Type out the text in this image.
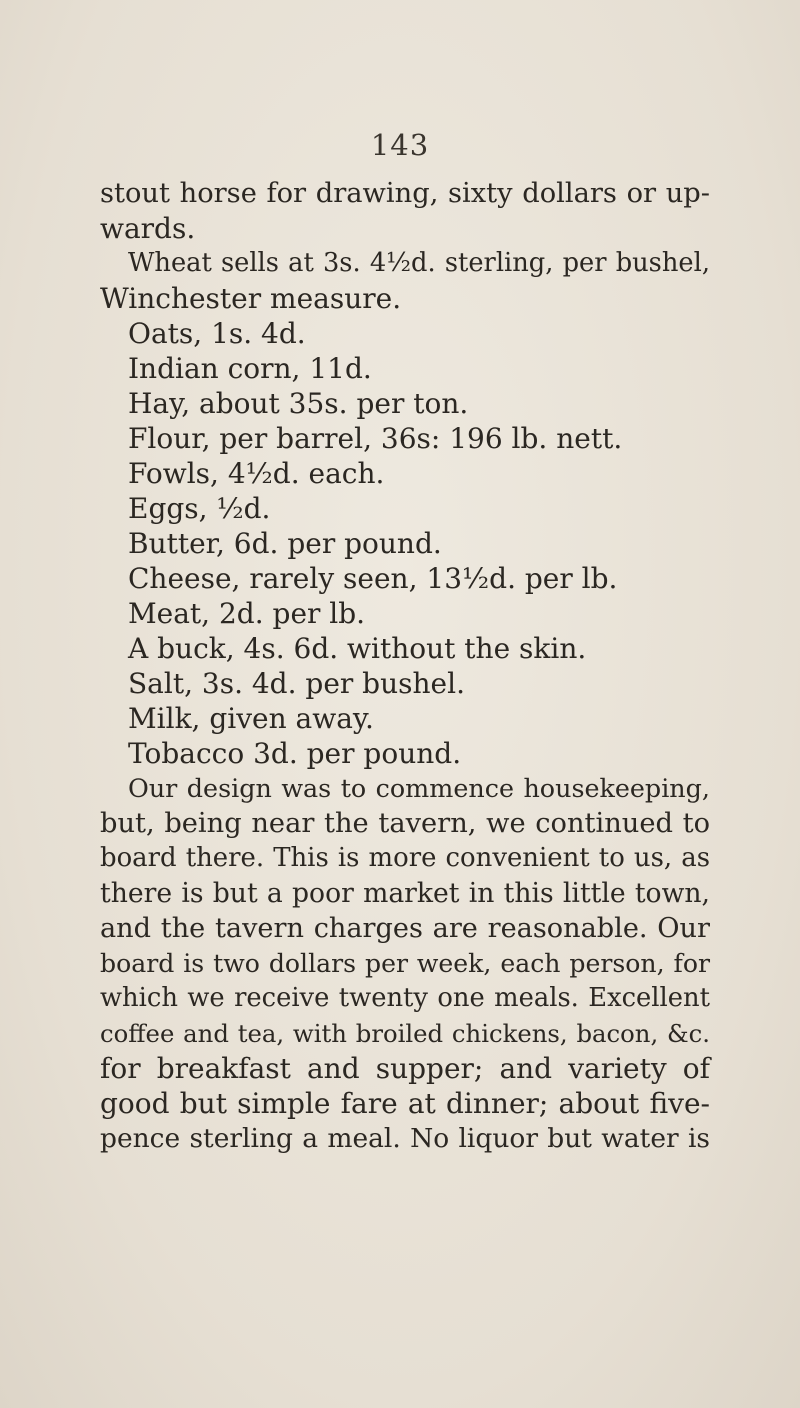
143
stout horse for drawing, sixty dollars or up-
wards.
Wheat sells at 3s. 4½d. sterling, per bushel,
Winchester measure.
Oats, 1s. 4d.
Indian corn, 11d.
Hay, about 35s. per ton.
Flour, per barrel, 36s: 196 lb. nett.
Fowls, 4½d. each.
Eggs, ½d.
Butter, 6d. per pound.
Cheese, rarely seen, 13½d. per lb.
Meat, 2d. per lb.
A buck, 4s. 6d. without the skin.
Salt, 3s. 4d. per bushel.
Milk, given away.
Tobacco 3d. per pound.
Our design was to commence housekeeping,
but, being near the tavern, we continued to
board there. This is more convenient to us, as
there is but a poor market in this little town,
and the tavern charges are reasonable. Our
board is two dollars per week, each person, for
which we receive twenty one meals. Excellent
coffee and tea, with broiled chickens, bacon, &c.
for breakfast and supper; and variety of
good but simple fare at dinner; about five-
pence sterling a meal. No liquor but water is
